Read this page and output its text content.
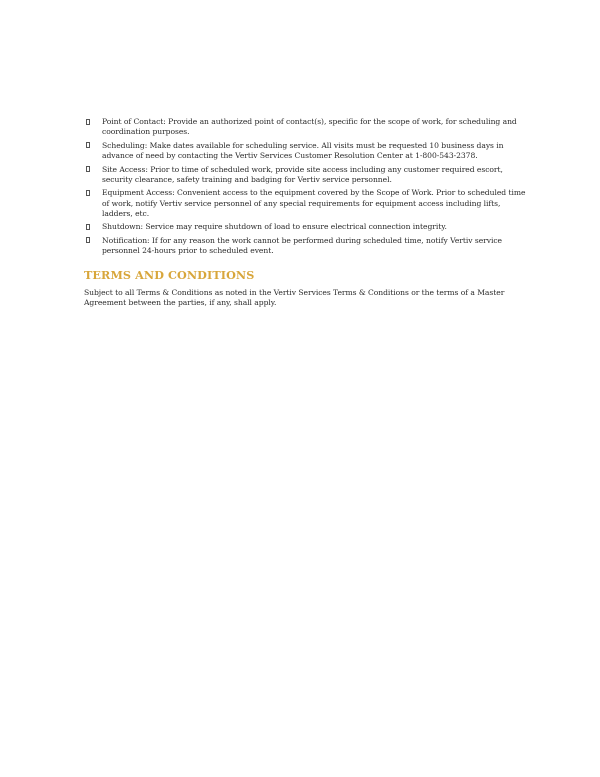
Point of Contact: Provide an authorized point of contact(s), specific for the scope of work, for scheduling and coordination purposes.
Scheduling: Make dates available for scheduling service. All visits must be requested 10 business days in advance of need by contacting the Vertiv Services Customer Resolution Center at 1-800-543-2378.
Site Access: Prior to time of scheduled work, provide site access including any customer required escort, security clearance, safety training and badging for Vertiv service personnel.
Equipment Access: Convenient access to the equipment covered by the Scope of Work. Prior to scheduled time of work, notify Vertiv service personnel of any special requirements for equipment access including lifts, ladders, etc.
Shutdown: Service may require shutdown of load to ensure electrical connection integrity.
Notification: If for any reason the work cannot be performed during scheduled time, notify Vertiv service personnel 24-hours prior to scheduled event.
TERMS AND CONDITIONS

Subject to all Terms & Conditions as noted in the Vertiv Services Terms & Conditions or the terms of a Master Agreement between the parties, if any, shall apply.
